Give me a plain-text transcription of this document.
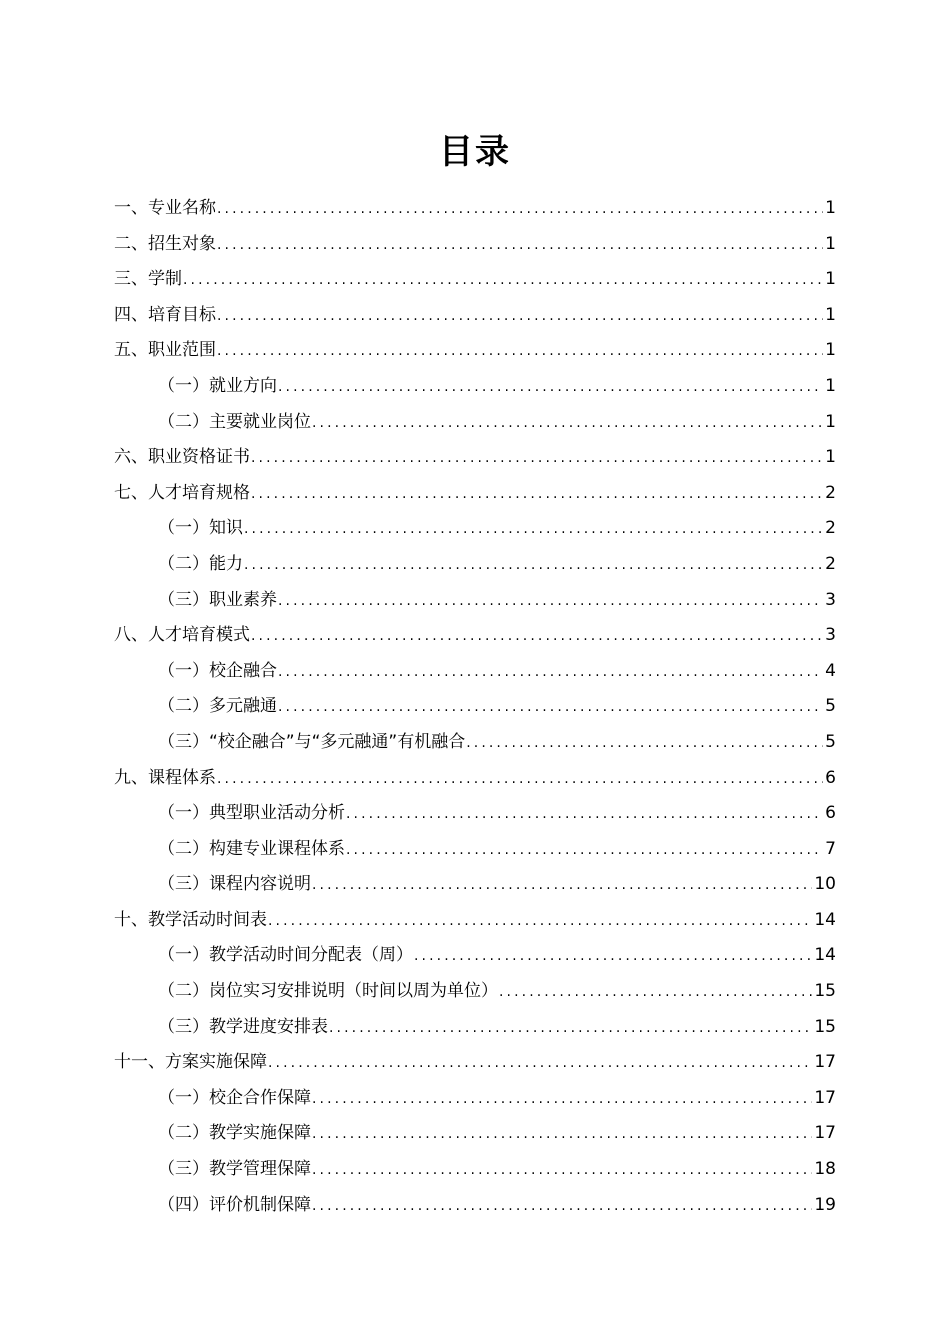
目录
一、专业名称 .....	1
二、招生对象 .....	1
三、学制 .....	1
四、培育目标 .....	1
五、职业范围 .....	1
（一）就业方向 .....	1
（二）主要就业岗位 .....	1
六、职业资格证书 .....	1
七、人才培育规格 .....	2
（一）知识 .....	2
（二）能力 .....	2
（三）职业素养 .....	3
八、人才培育模式 .....	3
（一）校企融合 .....	4
（二）多元融通 .....	5
（三）“校企融合”与“多元融通”有机融合 .....	5
九、课程体系 .....	6
（一）典型职业活动分析 .....	6
（二）构建专业课程体系 .....	7
（三）课程内容说明 .....	10
十、教学活动时间表 .....	14
（一）教学活动时间分配表（周） .....	14
（二）岗位实习安排说明（时间以周为单位） .....	15
（三）教学进度安排表 .....	15
十一、方案实施保障 .....	17
（一）校企合作保障 .....	17
（二）教学实施保障 .....	17
（三）教学管理保障 .....	18
（四）评价机制保障 .....	19
